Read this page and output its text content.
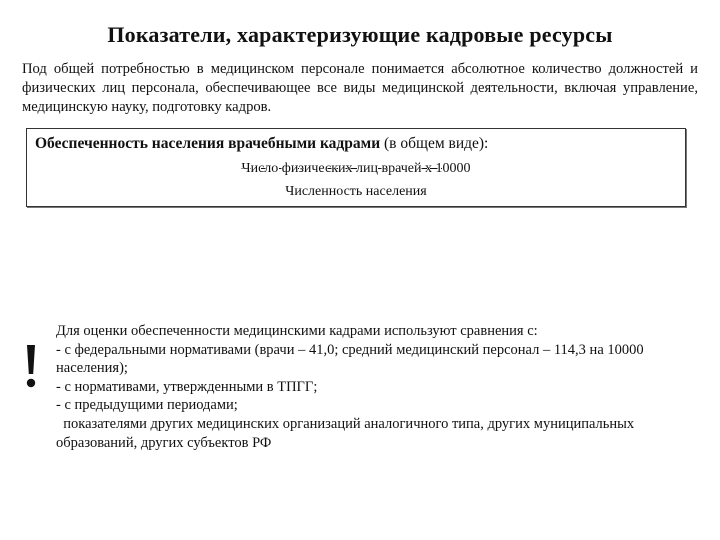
Показатели, характеризующие кадровые ресурсы
Под общей потребностью в медицинском персонале понимается абсолютное количество должностей и физических лиц персонала, обеспечивающее все виды медицинской деятельности, включая управление, медицинскую науку, подготовку кадров.
Обеспеченность населения врачебными кадрами (в общем виде):
Число физических лиц врачей х 10000
Численность населения
Для оценки обеспеченности медицинскими кадрами используют сравнения с:
- с федеральными нормативами (врачи – 41,0; средний медицинский персонал – 114,3 на 10000
населения);
- с нормативами, утвержденными в ТПГГ;
- с предыдущими периодами;
показателями других медицинских организаций аналогичного типа, других муниципальных
образований, других субъектов РФ
